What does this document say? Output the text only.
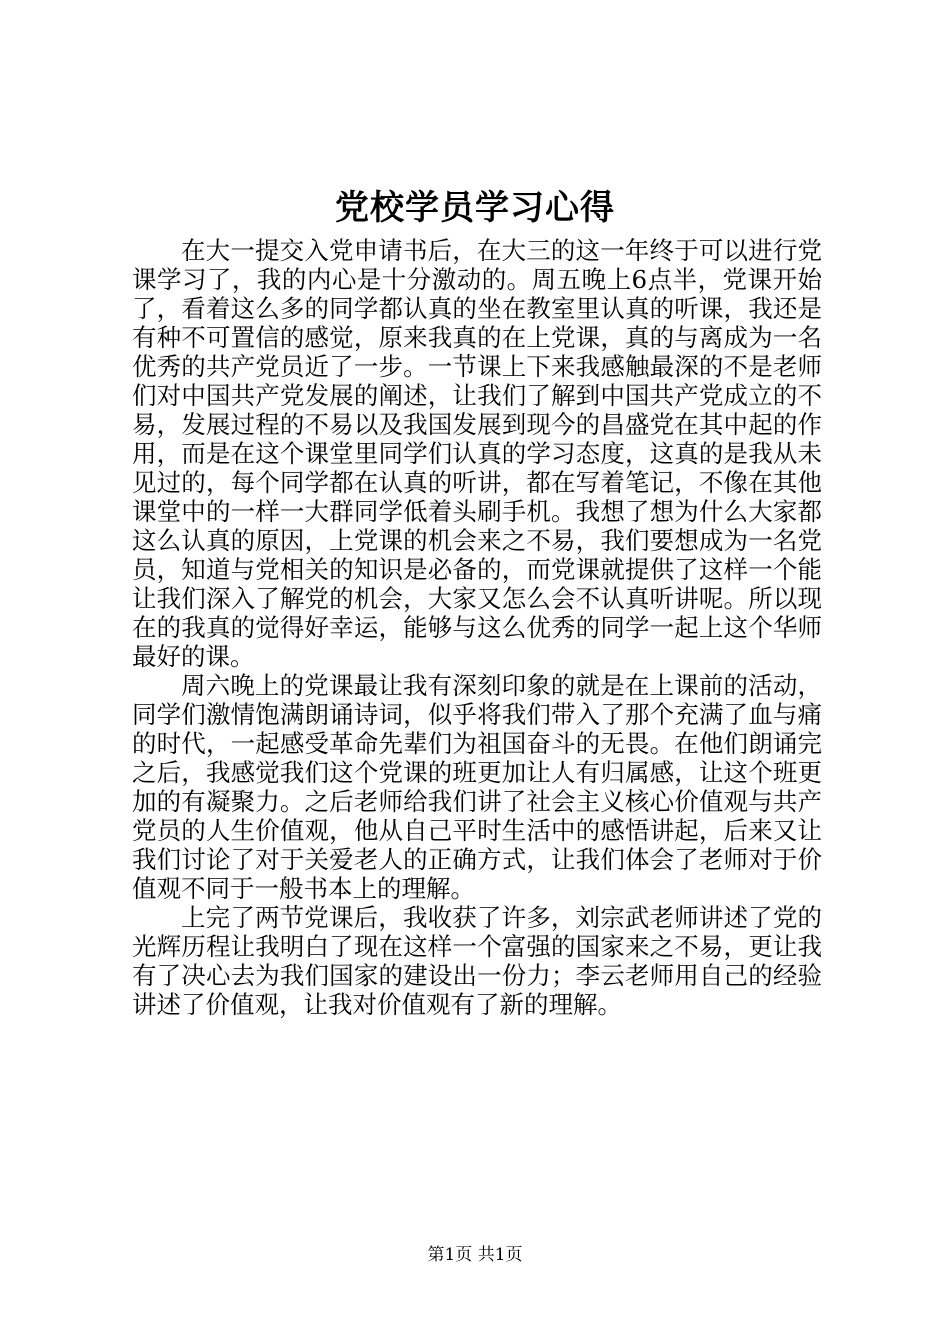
党校学员学习心得

在大一提交入党申请书后，在大三的这一年终于可以进行党课学习了，我的内心是十分激动的。周五晚上6点半，党课开始了，看着这么多的同学都认真的坐在教室里认真的听课，我还是有种不可置信的感觉，原来我真的在上党课，真的与离成为一名优秀的共产党员近了一步。一节课上下来我感触最深的不是老师们对中国共产党发展的阐述，让我们了解到中国共产党成立的不易，发展过程的不易以及我国发展到现今的昌盛党在其中起的作用，而是在这个课堂里同学们认真的学习态度，这真的是我从未见过的，每个同学都在认真的听讲，都在写着笔记，不像在其他课堂中的一样一大群同学低着头刷手机。我想了想为什么大家都这么认真的原因，上党课的机会来之不易，我们要想成为一名党员，知道与党相关的知识是必备的，而党课就提供了这样一个能让我们深入了解党的机会，大家又怎么会不认真听讲呢。所以现在的我真的觉得好幸运，能够与这么优秀的同学一起上这个华师最好的课。

周六晚上的党课最让我有深刻印象的就是在上课前的活动，同学们激情饱满朗诵诗词，似乎将我们带入了那个充满了血与痛的时代，一起感受革命先辈们为祖国奋斗的无畏。在他们朗诵完之后，我感觉我们这个党课的班更加让人有归属感，让这个班更加的有凝聚力。之后老师给我们讲了社会主义核心价值观与共产党员的人生价值观，他从自己平时生活中的感悟讲起，后来又让我们讨论了对于关爱老人的正确方式，让我们体会了老师对于价值观不同于一般书本上的理解。

上完了两节党课后，我收获了许多，刘宗武老师讲述了党的光辉历程让我明白了现在这样一个富强的国家来之不易，更让我有了决心去为我们国家的建设出一份力；李云老师用自己的经验讲述了价值观，让我对价值观有了新的理解。

第1页 共1页
